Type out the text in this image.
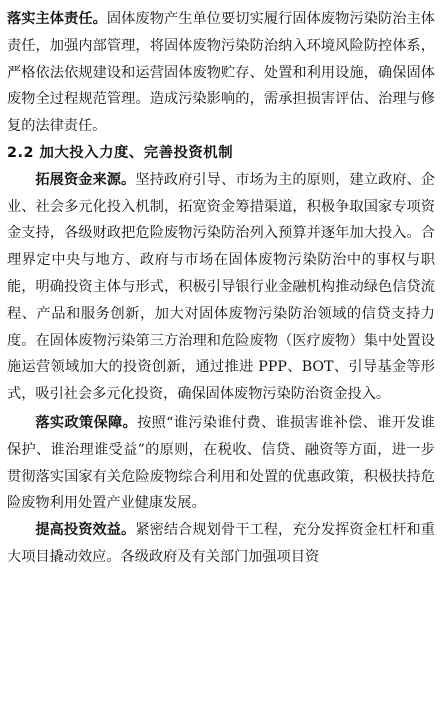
落实主体责任。固体废物产生单位要切实履行固体废物污染防治主体责任，加强内部管理，将固体废物污染防治纳入环境风险防控体系，严格依法依规建设和运营固体废物贮存、处置和利用设施，确保固体废物全过程规范管理。造成污染影响的，需承担损害评估、治理与修复的法律责任。

2.2 加大投入力度、完善投资机制

拓展资金来源。坚持政府引导、市场为主的原则，建立政府、企业、社会多元化投入机制，拓宽资金筹措渠道，积极争取国家专项资金支持，各级财政把危险废物污染防治列入预算并逐年加大投入。合理界定中央与地方、政府与市场在固体废物污染防治中的事权与职能，明确投资主体与形式，积极引导银行业金融机构推动绿色信贷流程、产品和服务创新，加大对固体废物污染防治领域的信贷支持力度。在固体废物污染第三方治理和危险废物（医疗废物）集中处置设施运营领域加大的投资创新，通过推进 PPP、BOT、引导基金等形式，吸引社会多元化投资，确保固体废物污染防治资金投入。

落实政策保障。按照“谁污染谁付费、谁损害谁补偿、谁开发谁保护、谁治理谁受益”的原则，在税收、信贷、融资等方面，进一步贯彻落实国家有关危险废物综合利用和处置的优惠政策，积极扶持危险废物利用处置产业健康发展。

提高投资效益。紧密结合规划骨干工程，充分发挥资金杠杆和重大项目撬动效应。各级政府及有关部门加强项目资
